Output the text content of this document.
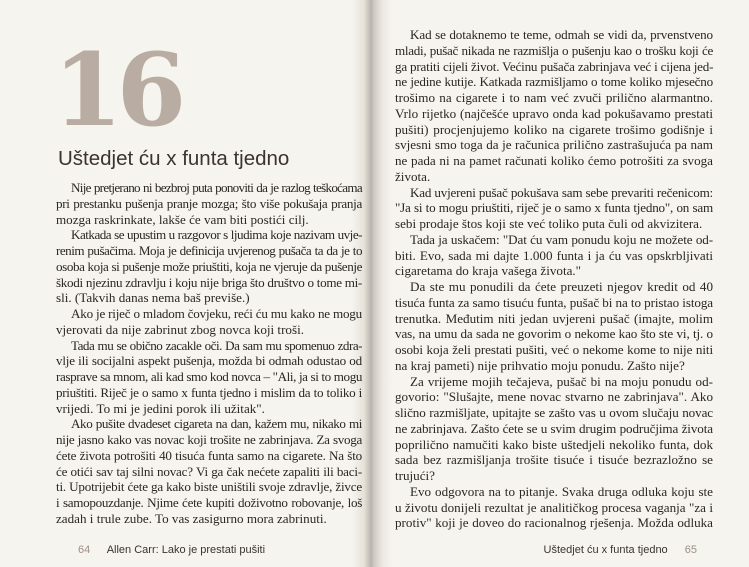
16
Uštedjet ću x funta tjedno
Nije pretjerano ni bezbroj puta ponoviti da je razlog teškoćama
pri prestanku pušenja pranje mozga; što više pokušaja pranja
mozga raskrinkate, lakše će vam biti postići cilj.
Katkada se upustim u razgovor s ljudima koje nazivam uvje-
renim pušačima. Moja je definicija uvjerenog pušača ta da je to
osoba koja si pušenje može priuštiti, koja ne vjeruje da pušenje
škodi njezinu zdravlju i koju nije briga što društvo o tome mi-
sli. (Takvih danas nema baš previše.)
Ako je riječ o mladom čovjeku, reći ću mu kako ne mogu
vjerovati da nije zabrinut zbog novca koji troši.
Tada mu se obično zacakle oči. Da sam mu spomenuo zdra-
vlje ili socijalni aspekt pušenja, možda bi odmah odustao od
rasprave sa mnom, ali kad smo kod novca – "Ali, ja si to mogu
priuštiti. Riječ je o samo x funta tjedno i mislim da to toliko i
vrijedi. To mi je jedini porok ili užitak".
Ako pušite dvadeset cigareta na dan, kažem mu, nikako mi
nije jasno kako vas novac koji trošite ne zabrinjava. Za svoga
ćete života potrošiti 40 tisuća funta samo na cigarete. Na što
će otići sav taj silni novac? Vi ga čak nećete zapaliti ili baci-
ti. Upotrijebit ćete ga kako biste uništili svoje zdravlje, živce
i samopouzdanje. Njime ćete kupiti doživotno robovanje, loš
zadah i trule zube. To vas zasigurno mora zabrinuti.
64 Allen Carr: Lako je prestati pušiti
Kad se dotaknemo te teme, odmah se vidi da, prvenstveno
mladi, pušač nikada ne razmišlja o pušenju kao o trošku koji će
ga pratiti cijeli život. Većinu pušača zabrinjava već i cijena jed-
ne jedine kutije. Katkada razmišljamo o tome koliko mjesečno
trošimo na cigarete i to nam već zvuči prilično alarmantno.
Vrlo rijetko (najčešće upravo onda kad pokušavamo prestati
pušiti) procjenjujemo koliko na cigarete trošimo godišnje i
svjesni smo toga da je računica prilično zastrašujuća pa nam
ne pada ni na pamet računati koliko ćemo potrošiti za svoga
života.
Kad uvjereni pušač pokušava sam sebe prevariti rečenicom:
"Ja si to mogu priuštiti, riječ je o samo x funta tjedno", on sam
sebi prodaje štos koji ste već toliko puta čuli od akvizitera.
Tada ja uskačem: "Dat ću vam ponudu koju ne možete od-
biti. Evo, sada mi dajte 1.000 funta i ja ću vas opskrbljivati
cigaretama do kraja vašega života."
Da ste mu ponudili da ćete preuzeti njegov kredit od 40
tisuća funta za samo tisuću funta, pušač bi na to pristao istoga
trenutka. Međutim niti jedan uvjereni pušač (imajte, molim
vas, na umu da sada ne govorim o nekome kao što ste vi, tj. o
osobi koja želi prestati pušiti, već o nekome kome to nije niti
na kraj pameti) nije prihvatio moju ponudu. Zašto nije?
Za vrijeme mojih tečajeva, pušač bi na moju ponudu od-
govorio: "Slušajte, mene novac stvarno ne zabrinjava". Ako
slično razmišljate, upitajte se zašto vas u ovom slučaju novac
ne zabrinjava. Zašto ćete se u svim drugim područjima života
poprilično namučiti kako biste uštedjeli nekoliko funta, dok
sada bez razmišljanja trošite tisuće i tisuće bezrazložno se
trujući?
Evo odgovora na to pitanje. Svaka druga odluka koju ste
u životu donijeli rezultat je analitičkog procesa vaganja "za i
protiv" koji je doveo do racionalnog rješenja. Možda odluka
Uštedjet ću x funta tjedno 65
